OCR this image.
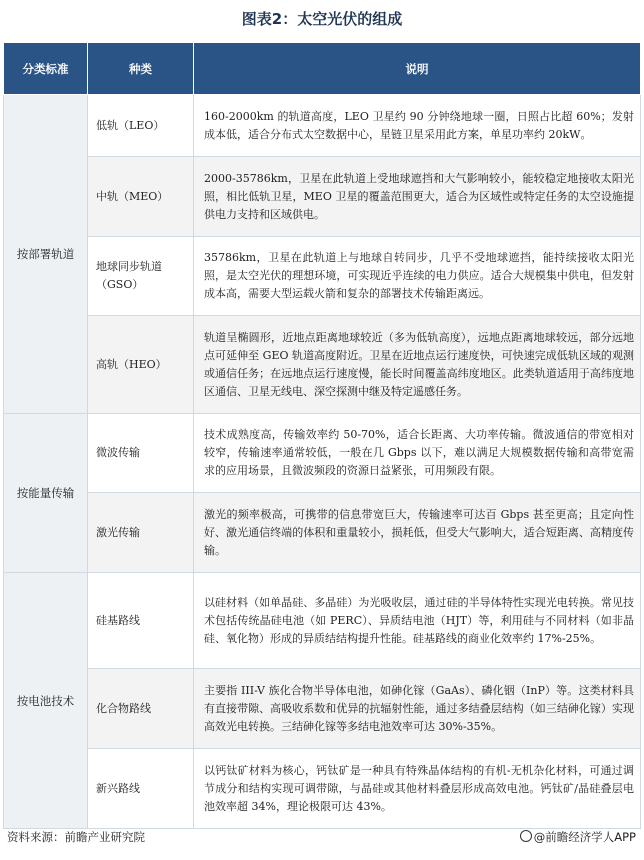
图表2：太空光伏的组成
分类标准	种类	说明
按部署轨道	低轨（LEO）	160-2000km 的轨道高度，LEO 卫星约 90 分钟绕地球一圈，日照占比超 60%；发射成本低，适合分布式太空数据中心，星链卫星采用此方案，单星功率约 20kW。
	中轨（MEO）	2000-35786km，卫星在此轨道上受地球遮挡和大气影响较小，能较稳定地接收太阳光照，相比低轨卫星，MEO 卫星的覆盖范围更大，适合为区域性或特定任务的太空设施提供电力支持和区域供电。
	地球同步轨道（GSO）	35786km，卫星在此轨道上与地球自转同步，几乎不受地球遮挡，能持续接收太阳光照，是太空光伏的理想环境，可实现近乎连续的电力供应。适合大规模集中供电，但发射成本高，需要大型运载火箭和复杂的部署技术传输距离远。
	高轨（HEO）	轨道呈椭圆形，近地点距离地球较近（多为低轨高度），远地点距离地球较远，部分远地点可延伸至 GEO 轨道高度附近。卫星在近地点运行速度快，可快速完成低轨区域的观测或通信任务；在远地点运行速度慢，能长时间覆盖高纬度地区。此类轨道适用于高纬度地区通信、卫星无线电、深空探测中继及特定遥感任务。
按能量传输	微波传输	技术成熟度高，传输效率约 50-70%，适合长距离、大功率传输。微波通信的带宽相对较窄，传输速率通常较低，一般在几 Gbps 以下，难以满足大规模数据传输和高带宽需求的应用场景，且微波频段的资源日益紧张，可用频段有限。
	激光传输	激光的频率极高，可携带的信息带宽巨大，传输速率可达百 Gbps 甚至更高；且定向性好、激光通信终端的体积和重量较小，损耗低，但受大气影响大，适合短距离、高精度传输。
按电池技术	硅基路线	以硅材料（如单晶硅、多晶硅）为光吸收层，通过硅的半导体特性实现光电转换。常见技术包括传统晶硅电池（如 PERC）、异质结电池（HJT）等，利用硅与不同材料（如非晶硅、氧化物）形成的异质结结构提升性能。硅基路线的商业化效率约 17%-25%。
	化合物路线	主要指 III-V 族化合物半导体电池，如砷化镓（GaAs）、磷化铟（InP）等。这类材料具有直接带隙、高吸收系数和优异的抗辐射性能，通过多结叠层结构（如三结砷化镓）实现高效光电转换。三结砷化镓等多结电池效率可达 30%-35%。
	新兴路线	以钙钛矿材料为核心，钙钛矿是一种具有特殊晶体结构的有机-无机杂化材料，可通过调节成分和结构实现可调带隙，与晶硅或其他材料叠层形成高效电池。钙钛矿/晶硅叠层电池效率超 34%，理论极限可达 43%。
资料来源：前瞻产业研究院	@前瞻经济学人APP
